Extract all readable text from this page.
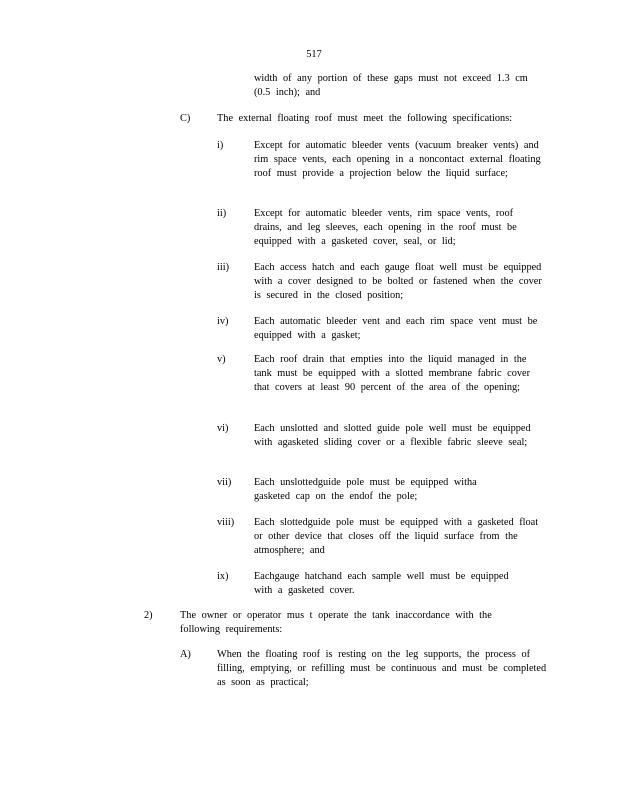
517

width of any portion of these gaps must not exceed 1.3 cm (0.5 inch); and

C)	The external floating roof must meet the following specifications:

i)	Except for automatic bleeder vents (vacuum breaker vents) and rim space vents, each opening in a noncontact external floating roof must provide a projection below the liquid surface;

ii)	Except for automatic bleeder vents, rim space vents, roof drains, and leg sleeves, each opening in the roof must be equipped with a gasketed cover, seal, or lid;

iii) Each access hatch and each gauge float well must be equipped with a cover designed to be bolted or fastened when the cover is secured in the closed position;

iv) Each automatic bleeder vent and each rim space vent must be equipped with a gasket;

v)	Each roof drain that empties into the liquid managed in the tank must be equipped with a slotted membrane fabric cover that covers at least 90 percent of the area of the opening;

vi) Each unslotted and slotted guide pole well must be equipped with agasketed sliding cover or a flexible fabric sleeve seal;

vii) Each unslottedguide pole must be equipped witha gasketed cap on the endof the pole;

viii) Each slottedguide pole must be equipped with a gasketed float or other device that closes off the liquid surface from the atmosphere; and

ix) Eachgauge hatchand each sample well must be equipped with a gasketed cover.

2)	The owner or operator mus t operate the tank inaccordance with the following requirements:

A)	When the floating roof is resting on the leg supports, the process of filling, emptying, or refilling must be continuous and must be completed as soon as practical;
